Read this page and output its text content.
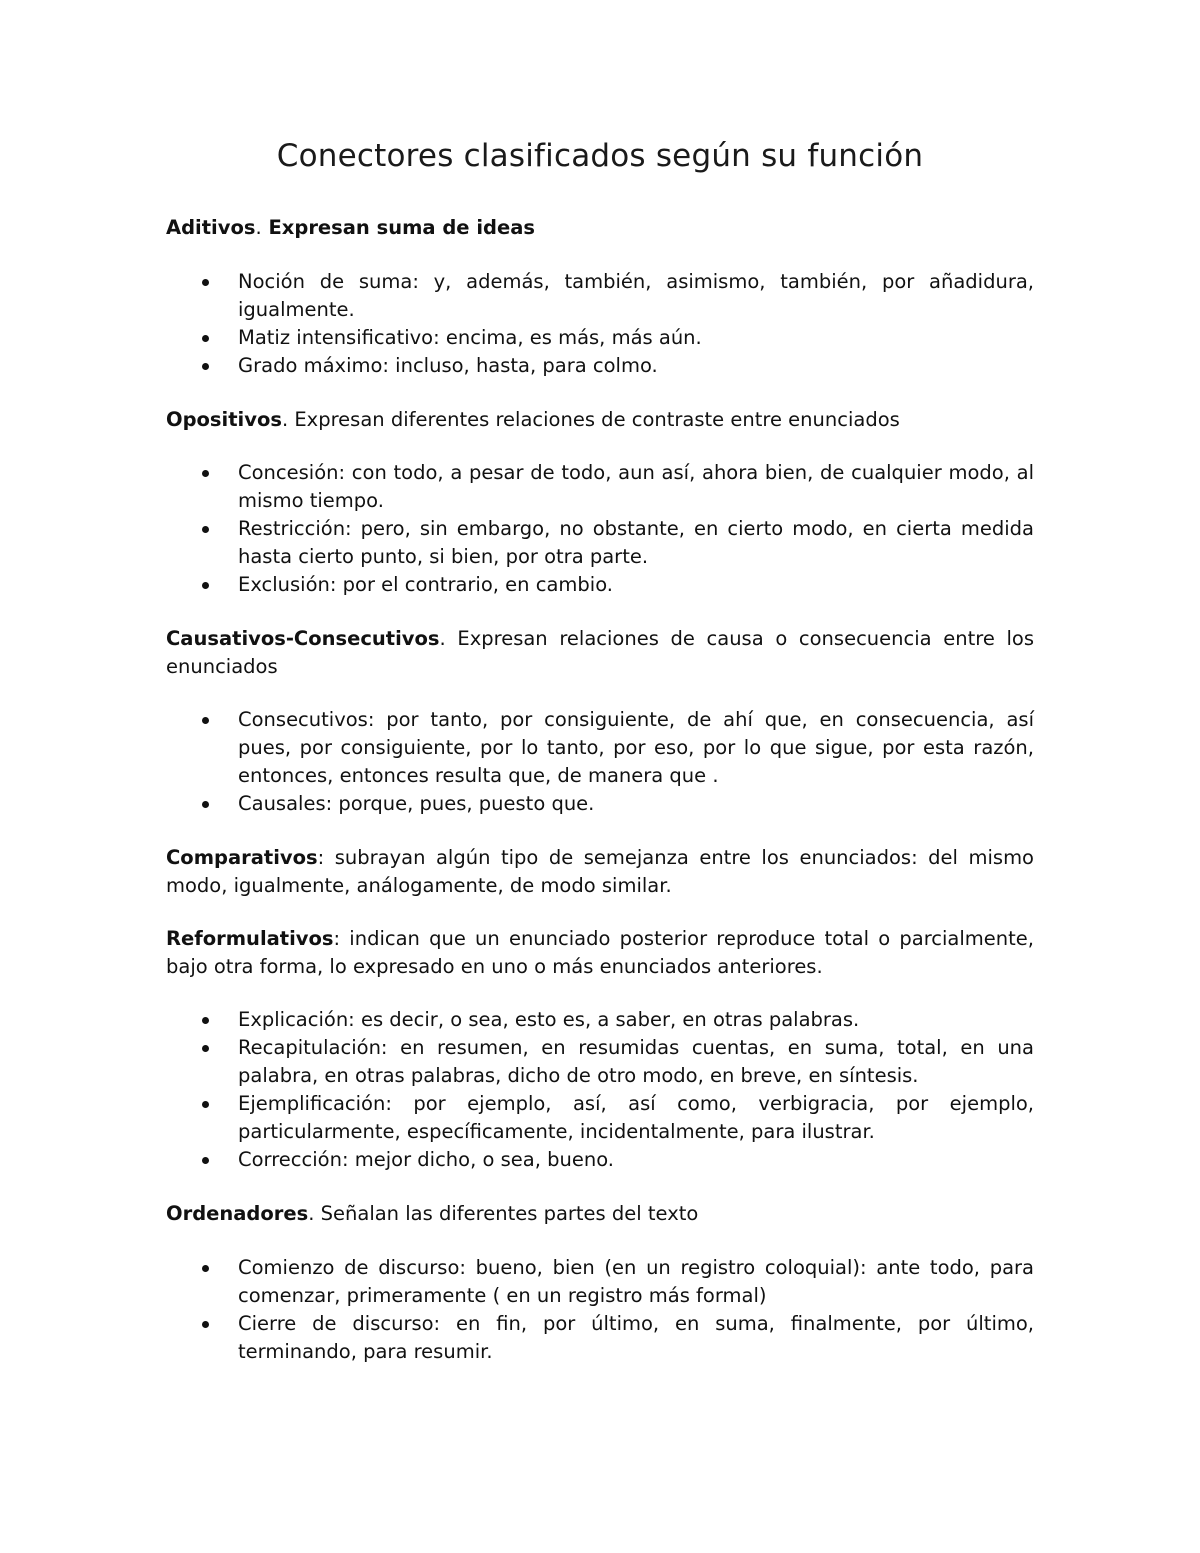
Conectores clasificados según su función

Aditivos. Expresan suma de ideas

Noción de suma: y, además, también, asimismo, también, por añadidura, igualmente.
Matiz intensificativo: encima, es más, más aún.
Grado máximo: incluso, hasta, para colmo.

Opositivos. Expresan diferentes relaciones de contraste entre enunciados

Concesión: con todo, a pesar de todo, aun así, ahora bien, de cualquier modo, al mismo tiempo.
Restricción: pero, sin embargo, no obstante, en cierto modo, en cierta medida hasta cierto punto, si bien, por otra parte.
Exclusión: por el contrario, en cambio.

Causativos-Consecutivos. Expresan relaciones de causa o consecuencia entre los enunciados

Consecutivos: por tanto, por consiguiente, de ahí que, en consecuencia, así pues, por consiguiente, por lo tanto, por eso, por lo que sigue, por esta razón, entonces, entonces resulta que, de manera que .
Causales: porque, pues, puesto que.

Comparativos: subrayan algún tipo de semejanza entre los enunciados: del mismo modo, igualmente, análogamente, de modo similar.

Reformulativos: indican que un enunciado posterior reproduce total o parcialmente, bajo otra forma, lo expresado en uno o más enunciados anteriores.

Explicación: es decir, o sea, esto es, a saber, en otras palabras.
Recapitulación: en resumen, en resumidas cuentas, en suma, total, en una palabra, en otras palabras, dicho de otro modo, en breve, en síntesis.
Ejemplificación: por ejemplo, así, así como, verbigracia, por ejemplo, particularmente, específicamente, incidentalmente, para ilustrar.
Corrección: mejor dicho, o sea, bueno.

Ordenadores. Señalan las diferentes partes del texto

Comienzo de discurso: bueno, bien (en un registro coloquial): ante todo, para comenzar, primeramente ( en un registro más formal)
Cierre de discurso: en fin, por último, en suma, finalmente, por último, terminando, para resumir.
